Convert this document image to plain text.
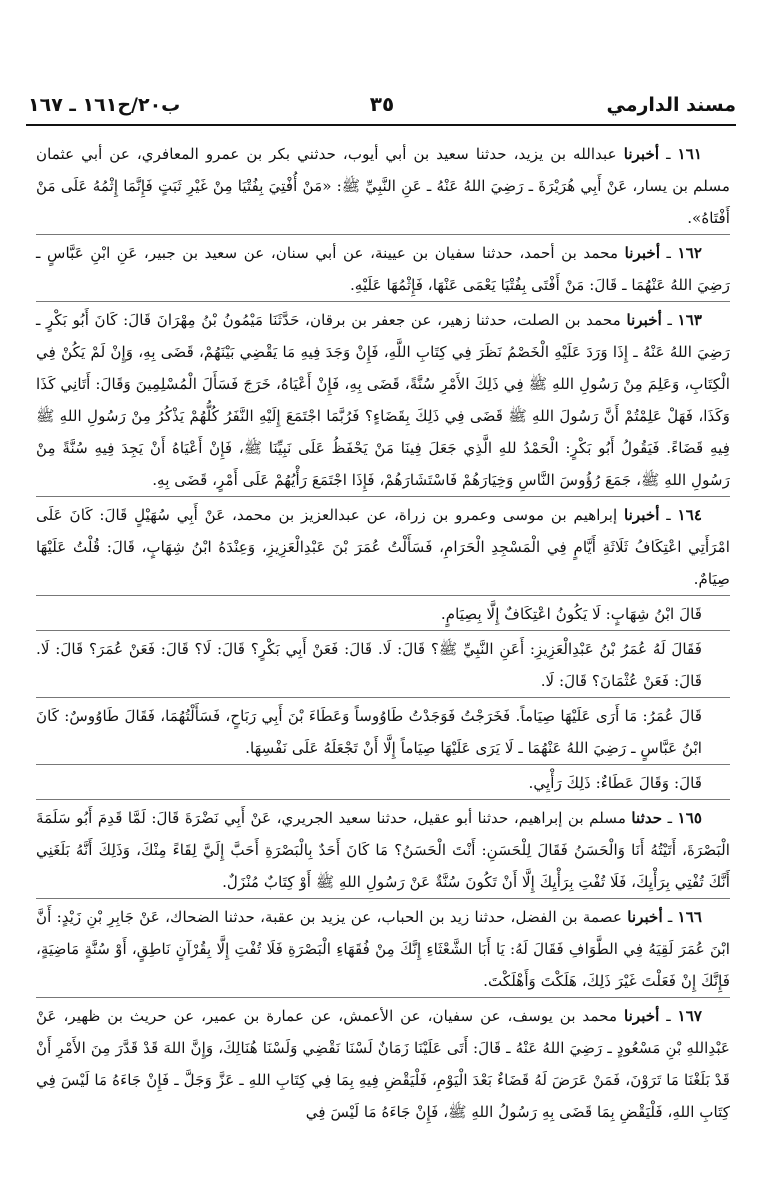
مسند الدارمي
٣٥
ب٢٠/ح١٦١ ـ ١٦٧

١٦١ ـ أخبرنا عبدالله بن يزيد، حدثنا سعيد بن أبي أيوب، حدثني بكر بن عمرو المعافري، عن أبي عثمان مسلم بن يسار، عَنْ أَبِي هُرَيْرَةَ ـ رَضِيَ اللهُ عَنْهُ ـ عَنِ النَّبِيِّ ﷺ: «مَنْ أُفْتِيَ بِفُتْيَا مِنْ غَيْرِ ثَبَتٍ فَإِنَّمَا إِثْمُهُ عَلَى مَنْ أَفْتَاهُ».

١٦٢ ـ أخبرنا محمد بن أحمد، حدثنا سفيان بن عيينة، عن أبي سنان، عن سعيد بن جبير، عَنِ ابْنِ عَبَّاسٍ ـ رَضِيَ اللهُ عَنْهُمَا ـ قَالَ: مَنْ أَفْتَى بِفُتْيَا يَعْمَى عَنْهَا، فَإِثْمُهَا عَلَيْهِ.

١٦٣ ـ أخبرنا محمد بن الصلت، حدثنا زهير، عن جعفر بن برقان، حَدَّثَنَا مَيْمُونُ بْنُ مِهْرَانَ قَالَ: كَانَ أَبُو بَكْرٍ ـ رَضِيَ اللهُ عَنْهُ ـ إِذَا وَرَدَ عَلَيْهِ الْخَصْمُ نَظَرَ فِي كِتَابِ اللَّهِ، فَإِنْ وَجَدَ فِيهِ مَا يَقْضِي بَيْنَهُمْ، قَضَى بِهِ، وَإِنْ لَمْ يَكُنْ فِي الْكِتَابِ، وَعَلِمَ مِنْ رَسُولِ اللهِ ﷺ فِي ذَلِكَ الأَمْرِ سُنَّةً، قَضَى بِهِ، فَإِنْ أَعْيَاهُ، خَرَجَ فَسَأَلَ الْمُسْلِمِينَ وَقَالَ: أَتَانِي كَذَا وَكَذَا، فَهَلْ عَلِمْتُمْ أَنَّ رَسُولَ اللهِ ﷺ قَضَى فِي ذَلِكَ بِقَضَاءٍ؟ فَرُبَّمَا اجْتَمَعَ إِلَيْهِ النَّفَرُ كُلُّهُمْ يَذْكُرُ مِنْ رَسُولِ اللهِ ﷺ فِيهِ قَضَاءً. فَيَقُولُ أَبُو بَكْرٍ: الْحَمْدُ للهِ الَّذِي جَعَلَ فِينَا مَنْ يَحْفَظُ عَلَى نَبِيِّنَا ﷺ، فَإِنْ أَعْيَاهُ أَنْ يَجِدَ فِيهِ سُنَّةً مِنْ رَسُولِ اللهِ ﷺ، جَمَعَ رُؤُوسَ النَّاسِ وَخِيَارَهُمْ فَاسْتَشَارَهُمْ، فَإِذَا اجْتَمَعَ رَأْيُهُمْ عَلَى أَمْرٍ، قَضَى بِهِ.

١٦٤ ـ أخبرنا إبراهيم بن موسى وعمرو بن زراة، عن عبدالعزيز بن محمد، عَنْ أَبِي سُهَيْلٍ قَالَ: كَانَ عَلَى امْرَأَتِي اعْتِكَافُ ثَلَاثَةِ أَيَّامٍ فِي الْمَسْجِدِ الْحَرَامِ، فَسَأَلْتُ عُمَرَ بْنَ عَبْدِالْعَزِيزِ، وَعِنْدَهُ ابْنُ شِهَابٍ، قَالَ: قُلْتُ عَلَيْهَا صِيَامٌ.

قَالَ ابْنُ شِهَابٍ: لَا يَكُونُ اعْتِكَافٌ إِلَّا بِصِيَامٍ.

فَقَالَ لَهُ عُمَرُ بْنُ عَبْدِالْعَزِيزِ: أَعَنِ النَّبِيِّ ﷺ؟ قَالَ: لَا. قَالَ: فَعَنْ أَبِي بَكْرٍ؟ قَالَ: لَا؟ قَالَ: فَعَنْ عُمَرَ؟ قَالَ: لَا. قَالَ: فَعَنْ عُثْمَانَ؟ قَالَ: لَا.

قَالَ عُمَرُ: مَا أَرَى عَلَيْهَا صِيَاماً. فَخَرَجْتُ فَوَجَدْتُ طَاوُوساً وَعَطَاءَ بْنَ أَبِي رَبَاحٍ، فَسَأَلْتُهُمَا، فَقَالَ طَاوُوسٌ: كَانَ ابْنُ عَبَّاسٍ ـ رَضِيَ اللهُ عَنْهُمَا ـ لَا يَرَى عَلَيْهَا صِيَاماً إِلَّا أَنْ تَجْعَلَهُ عَلَى نَفْسِهَا.

قَالَ: وَقَالَ عَطَاءٌ: ذَلِكَ رَأْيِي.

١٦٥ ـ حدثنا مسلم بن إبراهيم، حدثنا أبو عقيل، حدثنا سعيد الجريري، عَنْ أَبِي نَضْرَةَ قَالَ: لَمَّا قَدِمَ أَبُو سَلَمَةَ الْبَصْرَةَ، أَتَيْتُهُ أَنَا وَالْحَسَنُ فَقَالَ لِلْحَسَنِ: أَنْتَ الْحَسَنُ؟ مَا كَانَ أَحَدٌ بِالْبَصْرَةِ أَحَبَّ إِلَيَّ لِقَاءً مِنْكَ، وَذَلِكَ أَنَّهُ بَلَغَنِي أَنَّكَ تُفْتِي بِرَأْيِكَ، فَلَا تُفْتِ بِرَأْيِكَ إِلَّا أَنْ تَكُونَ سُنَّةٌ عَنْ رَسُولِ اللهِ ﷺ أَوْ كِتَابٌ مُنْزَلٌ.

١٦٦ ـ أخبرنا عصمة بن الفضل، حدثنا زيد بن الحباب، عن يزيد بن عقبة، حدثنا الضحاك، عَنْ جَابِرِ بْنِ زَيْدٍ: أَنَّ ابْنَ عُمَرَ لَقِيَهُ فِي الطَّوَافِ فَقَالَ لَهُ: يَا أَبَا الشَّعْثَاءِ إِنَّكَ مِنْ فُقَهَاءِ الْبَصْرَةِ فَلَا تُفْتِ إِلَّا بِقُرْآنٍ نَاطِقٍ، أَوْ سُنَّةٍ مَاضِيَةٍ، فَإِنَّكَ إِنْ فَعَلْتَ غَيْرَ ذَلِكَ، هَلَكْتَ وَأَهْلَكْتَ.

١٦٧ ـ أخبرنا محمد بن يوسف، عن سفيان، عن الأعمش، عن عمارة بن عمير، عن حريث بن ظهير، عَنْ عَبْدِاللهِ بْنِ مَسْعُودٍ ـ رَضِيَ اللهُ عَنْهُ ـ قَالَ: أَتَى عَلَيْنَا زَمَانٌ لَسْنَا نَقْضِي وَلَسْنَا هُنَالِكَ، وَإِنَّ اللهَ قَدْ قَدَّرَ مِنَ الأَمْرِ أَنْ قَدْ بَلَغْنَا مَا تَرَوْنَ، فَمَنْ عَرَضَ لَهُ قَضَاءٌ بَعْدَ الْيَوْمِ، فَلْيَقْضِ فِيهِ بِمَا فِي كِتَابِ اللهِ ـ عَزَّ وَجَلَّ ـ فَإِنْ جَاءَهُ مَا لَيْسَ فِي كِتَابِ اللهِ، فَلْيَقْضِ بِمَا قَضَى بِهِ رَسُولُ اللهِ ﷺ، فَإِنْ جَاءَهُ مَا لَيْسَ فِي
